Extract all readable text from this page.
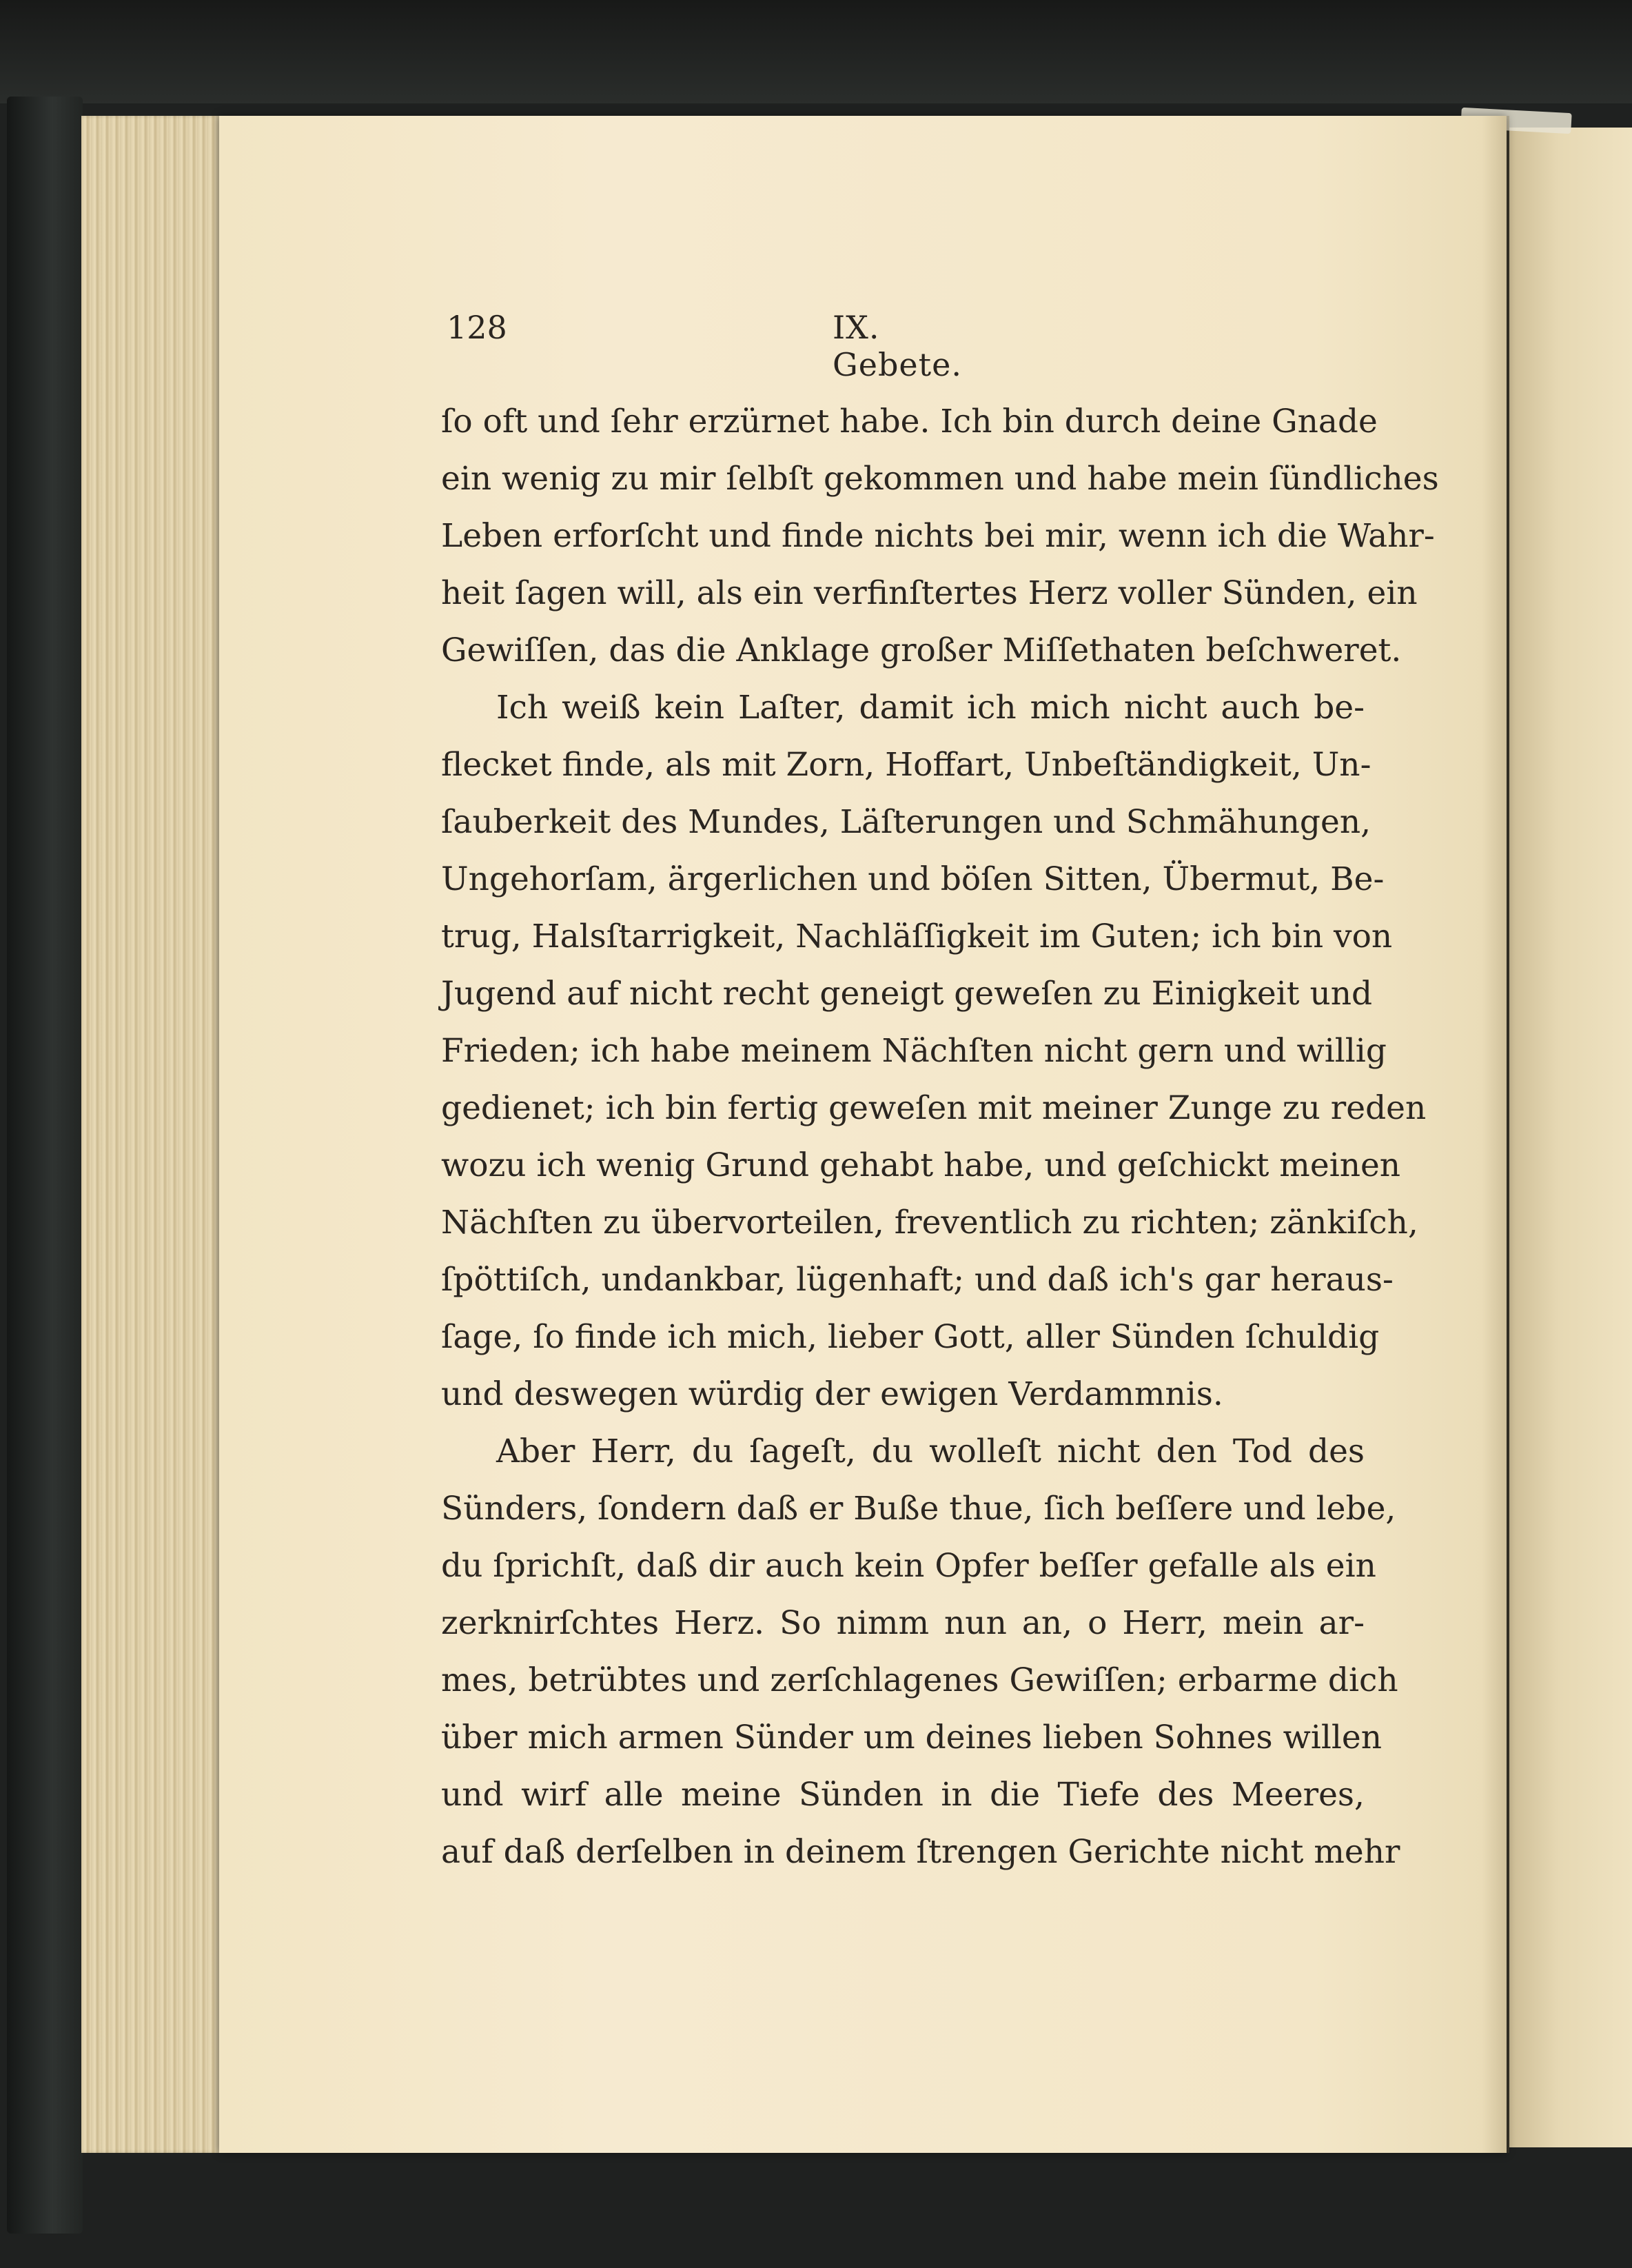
128	IX. Gebete.
ſo oft und ſehr erzürnet habe. Ich bin durch deine Gnade
ein wenig zu mir ſelbſt gekommen und habe mein ſündliches
Leben erforſcht und finde nichts bei mir, wenn ich die Wahr-
heit ſagen will, als ein verfinſtertes Herz voller Sünden, ein
Gewiſſen, das die Anklage großer Miſſethaten beſchweret.
Ich weiß kein Laſter, damit ich mich nicht auch be-
flecket finde, als mit Zorn, Hoffart, Unbeſtändigkeit, Un-
ſauberkeit des Mundes, Läſterungen und Schmähungen,
Ungehorſam, ärgerlichen und böſen Sitten, Übermut, Be-
trug, Halsſtarrigkeit, Nachläſſigkeit im Guten; ich bin von
Jugend auf nicht recht geneigt geweſen zu Einigkeit und
Frieden; ich habe meinem Nächſten nicht gern und willig
gedienet; ich bin fertig geweſen mit meiner Zunge zu reden
wozu ich wenig Grund gehabt habe, und geſchickt meinen
Nächſten zu übervorteilen, freventlich zu richten; zänkiſch,
ſpöttiſch, undankbar, lügenhaft; und daß ich's gar heraus-
ſage, ſo finde ich mich, lieber Gott, aller Sünden ſchuldig
und deswegen würdig der ewigen Verdammnis.
Aber Herr, du ſageſt, du wolleſt nicht den Tod des
Sünders, ſondern daß er Buße thue, ſich beſſere und lebe,
du ſprichſt, daß dir auch kein Opfer beſſer gefalle als ein
zerknirſchtes Herz. So nimm nun an, o Herr, mein ar-
mes, betrübtes und zerſchlagenes Gewiſſen; erbarme dich
über mich armen Sünder um deines lieben Sohnes willen
und wirf alle meine Sünden in die Tiefe des Meeres,
auf daß derſelben in deinem ſtrengen Gerichte nicht mehr
